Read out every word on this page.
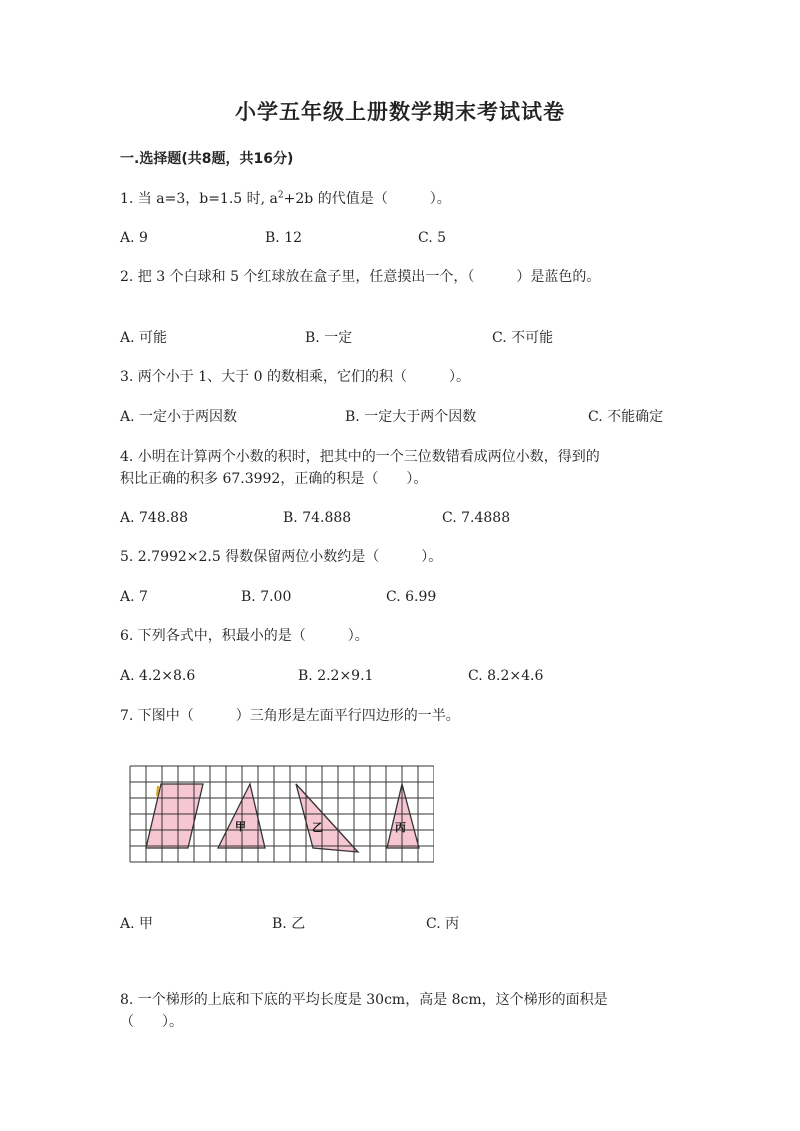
小学五年级上册数学期末考试试卷
一.选择题(共8题，共16分)
1. 当 a=3，b=1.5 时, $a^2+2b$ 的代值是（　　　）。
A. 9	B. 12	C. 5
2. 把 3 个白球和 5 个红球放在盒子里，任意摸出一个，（　　　）是蓝色的。
A. 可能	B. 一定	C. 不可能
3. 两个小于 1、大于 0 的数相乘，它们的积（　　　）。
A. 一定小于两因数	B. 一定大于两个因数	C. 不能确定
4. 小明在计算两个小数的积时，把其中的一个三位数错看成两位小数，得到的
积比正确的积多 67.3992，正确的积是（　　）。
A. 748.88	B. 74.888	C. 7.4888
5. 2.7992×2.5 得数保留两位小数约是（　　　）。
A. 7	B. 7.00	C. 6.99
6. 下列各式中，积最小的是（　　　）。
A. 4.2×8.6	B. 2.2×9.1	C. 8.2×4.6
7. 下图中（　　　）三角形是左面平行四边形的一半。
甲	乙	丙
A. 甲	B. 乙	C. 丙
8. 一个梯形的上底和下底的平均长度是 30cm，高是 8cm，这个梯形的面积是
（　　）。
